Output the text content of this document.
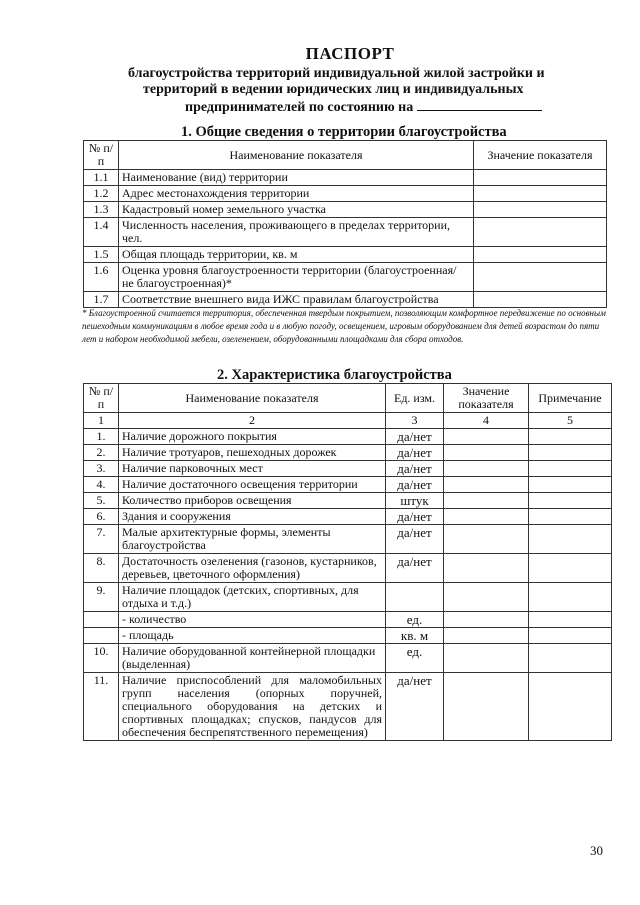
ПАСПОРТ
благоустройства территорий индивидуальной жилой застройки и
территорий в ведении юридических лиц и индивидуальных
предпринимателей по состоянию на
1. Общие сведения о территории благоустройства
№ п/п	Наименование показателя	Значение показателя
1.1	Наименование (вид) территории	
1.2	Адрес местонахождения территории	
1.3	Кадастровый номер земельного участка	
1.4	Численность населения, проживающего в пределах территории, чел.	
1.5	Общая площадь территории, кв. м	
1.6	Оценка уровня благоустроенности территории (благоустроенная/ не благоустроенная)*	
1.7	Соответствие внешнего вида ИЖС правилам благоустройства	
* Благоустроенной считается территория, обеспеченная твердым покрытием, позволяющим комфортное передвижение по основным пешеходным коммуникациям в любое время года и в любую погоду, освещением, игровым оборудованием для детей возрастом до пяти лет и набором необходимой мебели, озеленением, оборудованными площадками для сбора отходов.
2. Характеристика благоустройства
№ п/п	Наименование показателя	Ед. изм.	Значение показателя	Примечание
1	2	3	4	5
1.	Наличие дорожного покрытия	да/нет		
2.	Наличие тротуаров, пешеходных дорожек	да/нет		
3.	Наличие парковочных мест	да/нет		
4.	Наличие достаточного освещения территории	да/нет		
5.	Количество приборов освещения	штук		
6.	Здания и сооружения	да/нет		
7.	Малые архитектурные формы, элементы благоустройства	да/нет		
8.	Достаточность озеленения (газонов, кустарников, деревьев, цветочного оформления)	да/нет		
9.	Наличие площадок (детских, спортивных, для отдыха и т.д.)			
	- количество	ед.		
	- площадь	кв. м		
10.	Наличие оборудованной контейнерной площадки (выделенная)	ед.		
11.	Наличие приспособлений для маломобильных групп населения (опорных поручней, специального оборудования на детских и спортивных площадках; спусков, пандусов для обеспечения беспрепятственного перемещения)	да/нет		
30
